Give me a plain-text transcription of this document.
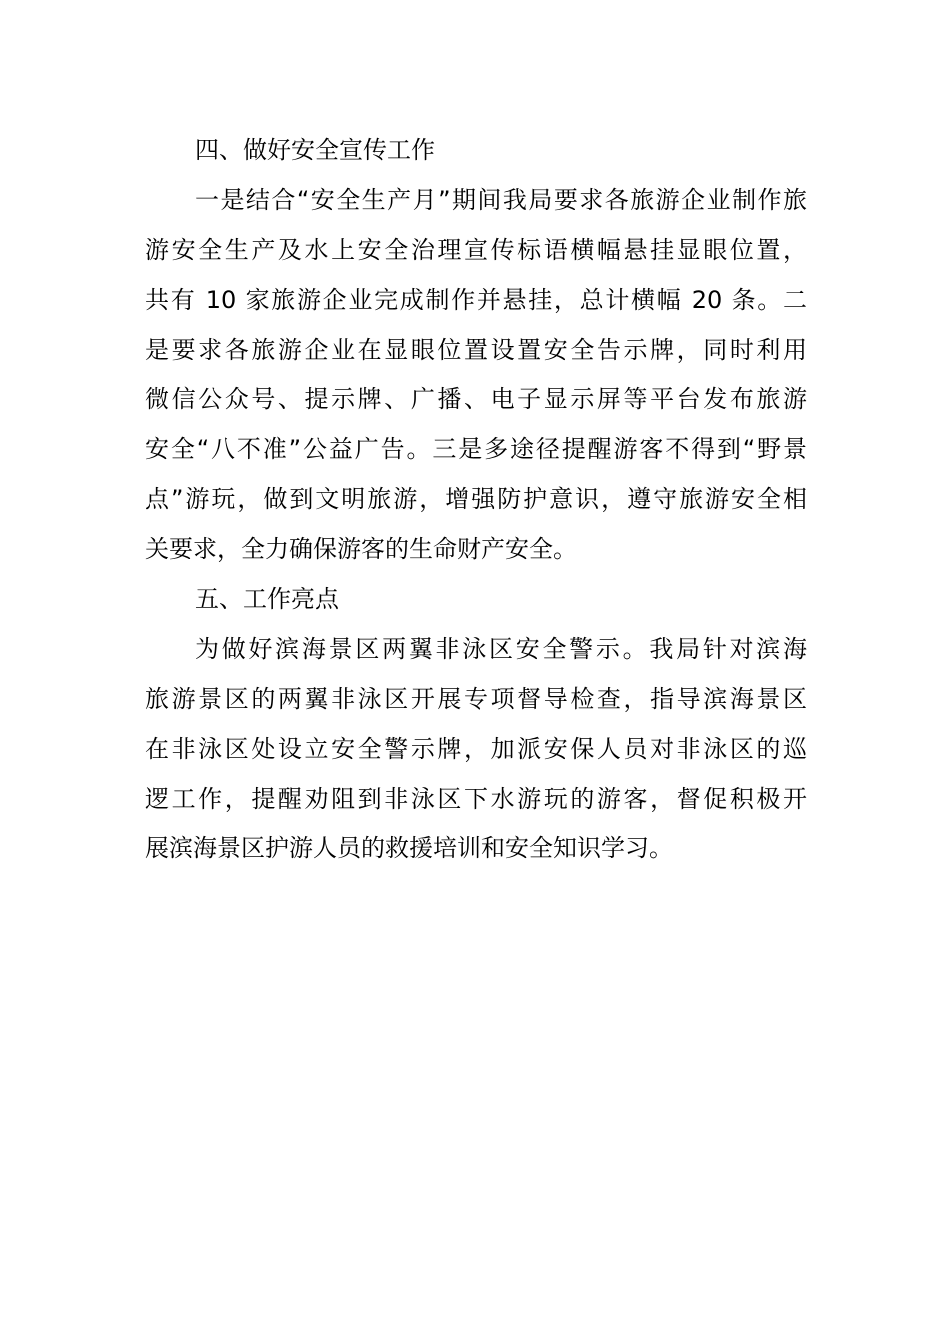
四、做好安全宣传工作
一是结合“安全生产月”期间我局要求各旅游企业制作旅
游安全生产及水上安全治理宣传标语横幅悬挂显眼位置，
共有 10 家旅游企业完成制作并悬挂，总计横幅 20 条。二
是要求各旅游企业在显眼位置设置安全告示牌，同时利用
微信公众号、提示牌、广播、电子显示屏等平台发布旅游
安全“八不准”公益广告。三是多途径提醒游客不得到“野景
点”游玩，做到文明旅游，增强防护意识，遵守旅游安全相
关要求，全力确保游客的生命财产安全。
五、工作亮点
为做好滨海景区两翼非泳区安全警示。我局针对滨海
旅游景区的两翼非泳区开展专项督导检查，指导滨海景区
在非泳区处设立安全警示牌，加派安保人员对非泳区的巡
逻工作，提醒劝阻到非泳区下水游玩的游客，督促积极开
展滨海景区护游人员的救援培训和安全知识学习。
